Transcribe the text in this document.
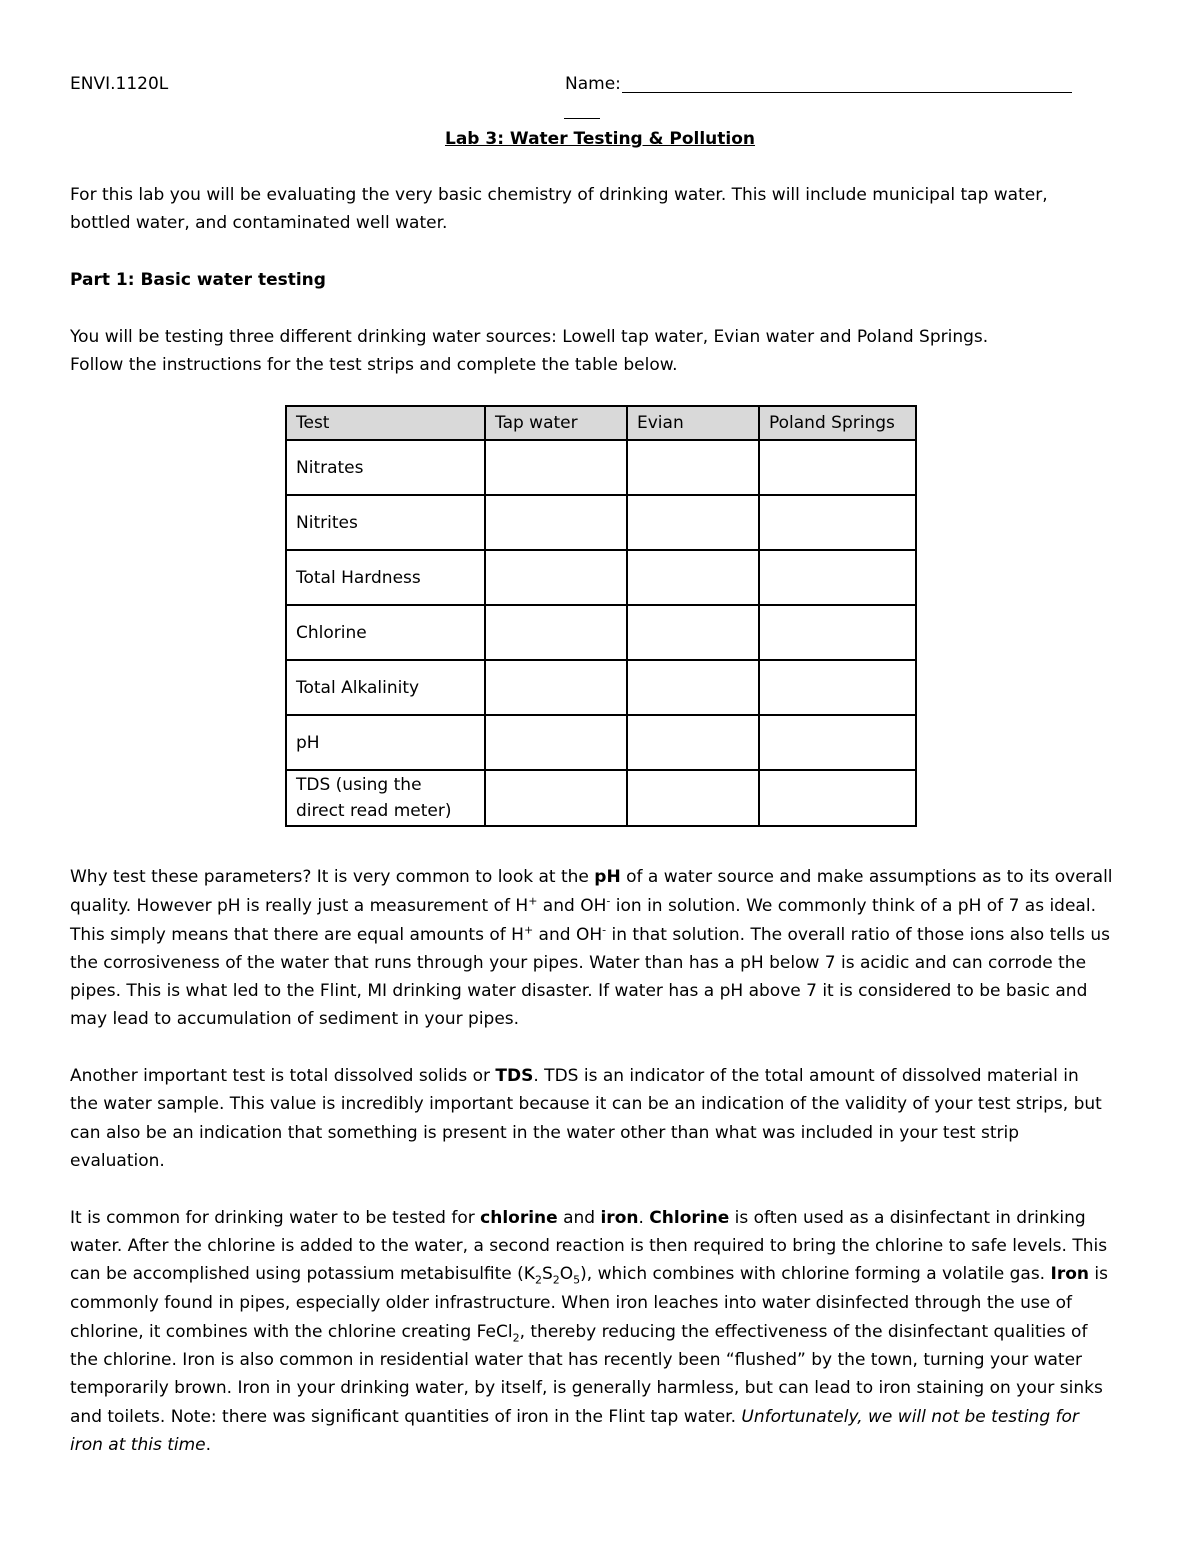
ENVI.1120L	Name:
Lab 3: Water Testing & Pollution
For this lab you will be evaluating the very basic chemistry of drinking water. This will include municipal tap water,
bottled water, and contaminated well water.
Part 1: Basic water testing
You will be testing three different drinking water sources: Lowell tap water, Evian water and Poland Springs.
Follow the instructions for the test strips and complete the table below.
Test	Tap water	Evian	Poland Springs
Nitrates			
Nitrites			
Total Hardness			
Chlorine			
Total Alkalinity			
pH			
TDS (using the
direct read meter)			
Why test these parameters? It is very common to look at the pH of a water source and make assumptions as to its overall
quality. However pH is really just a measurement of H+ and OH- ion in solution. We commonly think of a pH of 7 as ideal.
This simply means that there are equal amounts of H+ and OH- in that solution. The overall ratio of those ions also tells us
the corrosiveness of the water that runs through your pipes. Water than has a pH below 7 is acidic and can corrode the
pipes. This is what led to the Flint, MI drinking water disaster. If water has a pH above 7 it is considered to be basic and
may lead to accumulation of sediment in your pipes.
Another important test is total dissolved solids or TDS. TDS is an indicator of the total amount of dissolved material in
the water sample. This value is incredibly important because it can be an indication of the validity of your test strips, but
can also be an indication that something is present in the water other than what was included in your test strip
evaluation.
It is common for drinking water to be tested for chlorine and iron. Chlorine is often used as a disinfectant in drinking
water. After the chlorine is added to the water, a second reaction is then required to bring the chlorine to safe levels. This
can be accomplished using potassium metabisulfite $(K_2S_2O_5)$, which combines with chlorine forming a volatile gas. Iron is
commonly found in pipes, especially older infrastructure. When iron leaches into water disinfected through the use of
chlorine, it combines with the chlorine creating FeCl$_2$, thereby reducing the effectiveness of the disinfectant qualities of
the chlorine. Iron is also common in residential water that has recently been “flushed” by the town, turning your water
temporarily brown. Iron in your drinking water, by itself, is generally harmless, but can lead to iron staining on your sinks
and toilets. Note: there was significant quantities of iron in the Flint tap water. Unfortunately, we will not be testing for
iron at this time.
